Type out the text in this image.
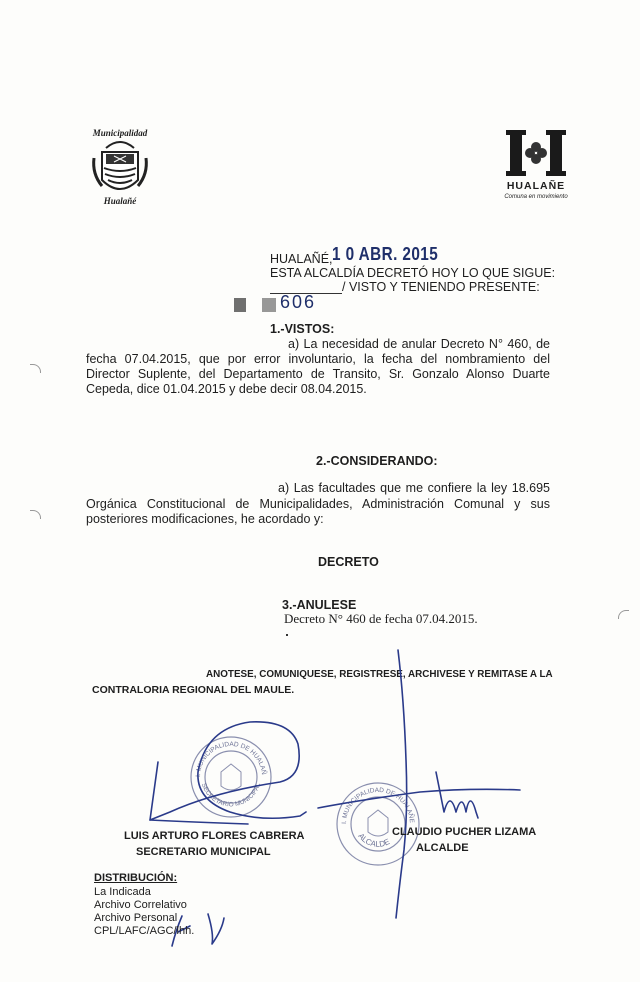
Municipalidad
Hualañé
HUALAÑE
Comuna en movimiento
HUALAÑÉ, 1 0 ABR. 2015
ESTA ALCALDÍA DECRETÓ HOY LO QUE SIGUE:
/ VISTO Y TENIENDO PRESENTE:
606
1.-VISTOS:
a) La necesidad de anular Decreto N° 460, de
fecha 07.04.2015, que por error involuntario, la fecha del nombramiento del
Director Suplente, del Departamento de Transito, Sr. Gonzalo Alonso Duarte
Cepeda, dice 01.04.2015 y debe decir 08.04.2015.
2.-CONSIDERANDO:
a) Las facultades que me confiere la ley 18.695
Orgánica Constitucional de Municipalidades, Administración Comunal y sus
posteriores modificaciones, he acordado y:
DECRETO
3.-ANULESE
Decreto N° 460 de fecha 07.04.2015.
ANOTESE, COMUNIQUESE, REGISTRESE, ARCHIVESE Y REMITASE A LA
CONTRALORIA REGIONAL DEL MAULE.
I. MUNICIPALIDAD DE HUALAÑ
SECRETARIO MUNICIPAL
I. MUNICIPALIDAD DE HUALAÑE
ALCALDE
LUIS ARTURO FLORES CABRERA
SECRETARIO MUNICIPAL
CLAUDIO PUCHER LIZAMA
ALCALDE
DISTRIBUCIÓN:
La Indicada
Archivo Correlativo
Archivo Personal
CPL/LAFC/AGC/lhh.
